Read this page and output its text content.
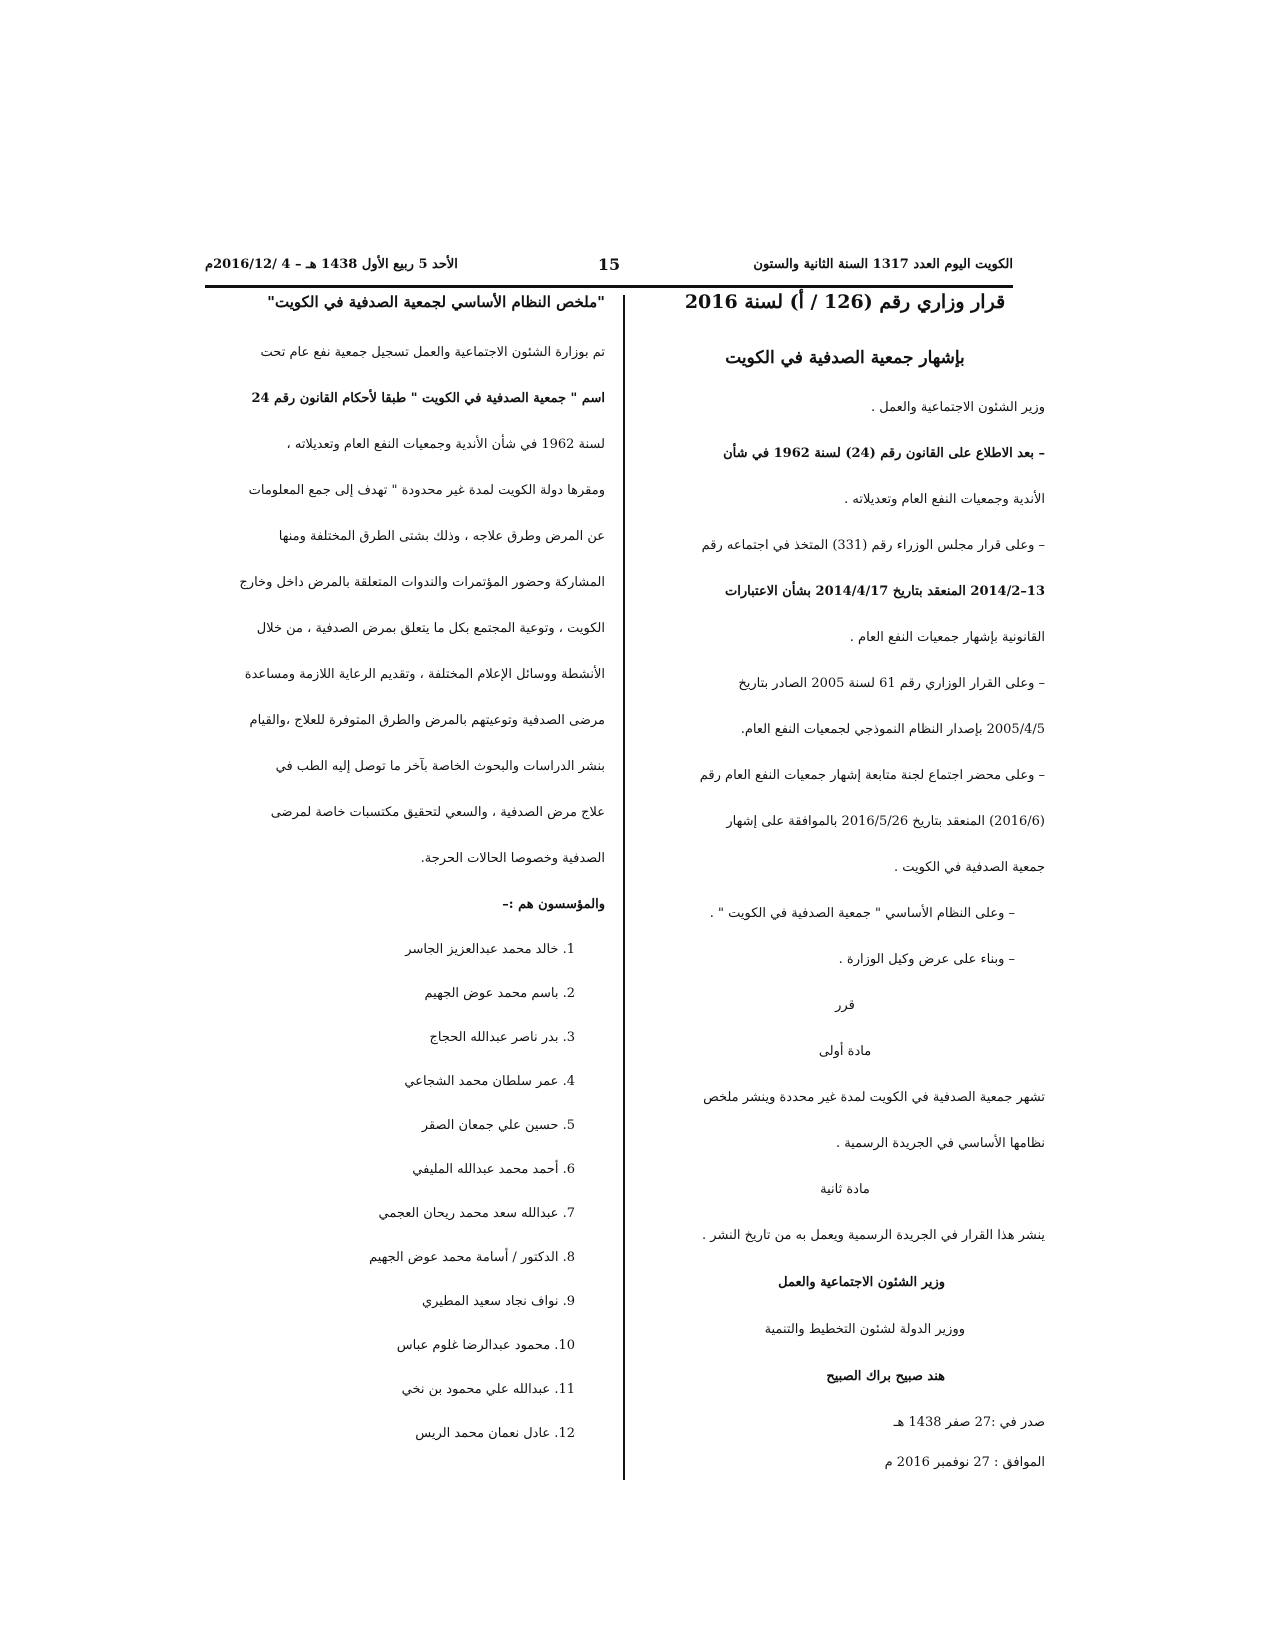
الكويت اليوم العدد 1317 السنة الثانية والستون
15
الأحد 5 ربيع الأول 1438 هـ – 4 /2016/12م
قرار وزاري رقم (126 / أ) لسنة 2016
بإشهار جمعية الصدفية في الكويت
وزير الشئون الاجتماعية والعمل .
– بعد الاطلاع على القانون رقم (24) لسنة 1962 في شأن
الأندية وجمعيات النفع العام وتعديلاته .
– وعلى قرار مجلس الوزراء رقم (331) المتخذ في اجتماعه رقم
13–2014/2 المنعقد بتاريخ 2014/4/17 بشأن الاعتبارات
القانونية بإشهار جمعيات النفع العام .
– وعلى القرار الوزاري رقم 61 لسنة 2005 الصادر بتاريخ
2005/4/5 بإصدار النظام النموذجي لجمعيات النفع العام.
– وعلى محضر اجتماع لجنة متابعة إشهار جمعيات النفع العام رقم
(2016/6) المنعقد بتاريخ 2016/5/26 بالموافقة على إشهار
جمعية الصدفية في الكويت .
– وعلى النظام الأساسي " جمعية الصدفية في الكويت " .
– وبناء على عرض وكيل الوزارة .
قرر
مادة أولى
تشهر جمعية الصدفية في الكويت لمدة غير محددة وينشر ملخص
نظامها الأساسي في الجريدة الرسمية .
مادة ثانية
ينشر هذا القرار في الجريدة الرسمية ويعمل به من تاريخ النشر .
وزير الشئون الاجتماعية والعمل
ووزير الدولة لشئون التخطيط والتنمية
هند صبيح براك الصبيح
صدر في :27 صفر 1438 هـ
الموافق : 27 نوفمبر 2016 م
"ملخص النظام الأساسي لجمعية الصدفية في الكويت"
تم بوزارة الشئون الاجتماعية والعمل تسجيل جمعية نفع عام تحت
اسم " جمعية الصدفية في الكويت " طبقا لأحكام القانون رقم 24
لسنة 1962 في شأن الأندية وجمعيات النفع العام وتعديلاته ،
ومقرها دولة الكويت لمدة غير محدودة " تهدف إلى جمع المعلومات
عن المرض وطرق علاجه ، وذلك بشتى الطرق المختلفة ومنها
المشاركة وحضور المؤتمرات والندوات المتعلقة بالمرض داخل وخارج
الكويت ، وتوعية المجتمع بكل ما يتعلق بمرض الصدفية ، من خلال
الأنشطة ووسائل الإعلام المختلفة ، وتقديم الرعاية اللازمة ومساعدة
مرضى الصدفية وتوعيتهم بالمرض والطرق المتوفرة للعلاج ،والقيام
بنشر الدراسات والبحوث الخاصة بآخر ما توصل إليه الطب في
علاج مرض الصدفية ، والسعي لتحقيق مكتسبات خاصة لمرضى
الصدفية وخصوصا الحالات الحرجة.
والمؤسسون هم :–
1. خالد محمد عبدالعزيز الجاسر
2. باسم محمد عوض الجهيم
3. بدر ناصر عبدالله الحجاج
4. عمر سلطان محمد الشجاعي
5. حسين علي جمعان الصقر
6. أحمد محمد عبدالله المليفي
7. عبدالله سعد محمد ريحان العجمي
8. الدكتور / أسامة محمد عوض الجهيم
9. نواف نجاد سعيد المطيري
10. محمود عبدالرضا غلوم عباس
11. عبدالله علي محمود بن نخي
12. عادل نعمان محمد الريس
